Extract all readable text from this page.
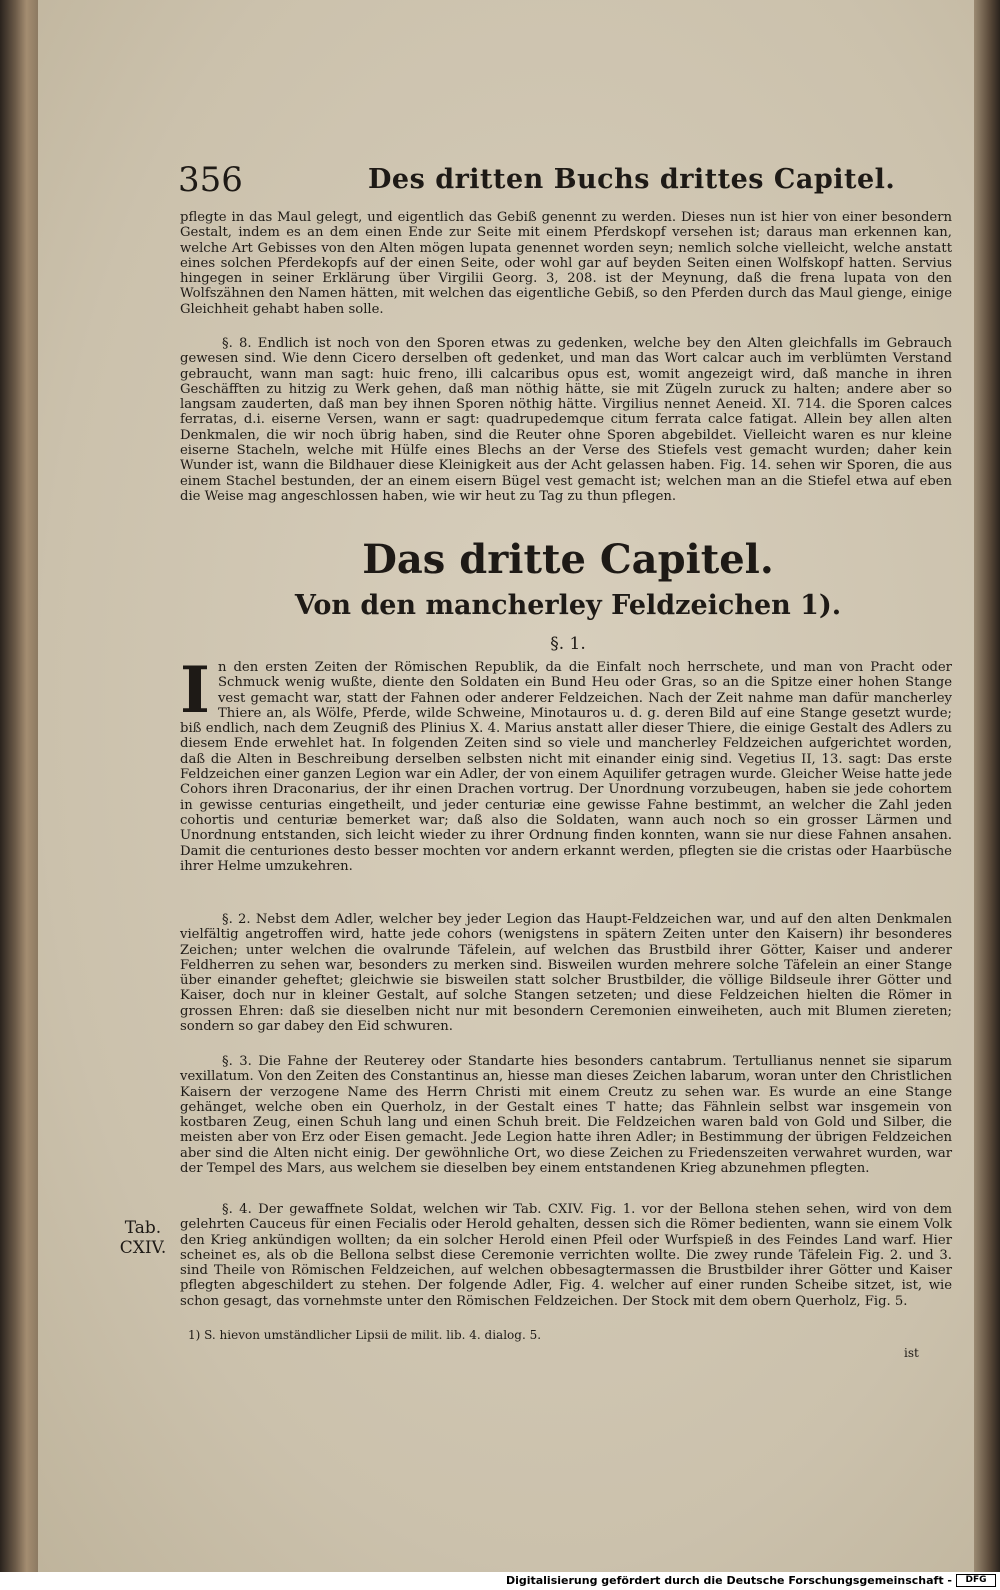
356	Des dritten Buchs drittes Capitel.
pflegte in das Maul gelegt, und eigentlich das Gebiß genennt zu werden. Dieses nun ist hier von einer besondern Gestalt, indem es an dem einen Ende zur Seite mit einem Pferdskopf versehen ist; daraus man erkennen kan, welche Art Gebisses von den Alten mögen lupata genennet worden seyn; nemlich solche vielleicht, welche anstatt eines solchen Pferdekopfs auf der einen Seite, oder wohl gar auf beyden Seiten einen Wolfskopf hatten. Servius hingegen in seiner Erklärung über Virgilii Georg. 3, 208. ist der Meynung, daß die frena lupata von den Wolfszähnen den Namen hätten, mit welchen das eigentliche Gebiß, so den Pferden durch das Maul gienge, einige Gleichheit gehabt haben solle.
§. 8. Endlich ist noch von den Sporen etwas zu gedenken, welche bey den Alten gleichfalls im Gebrauch gewesen sind. Wie denn Cicero derselben oft gedenket, und man das Wort calcar auch im verblümten Verstand gebraucht, wann man sagt: huic freno, illi calcaribus opus est, womit angezeigt wird, daß manche in ihren Geschäfften zu hitzig zu Werk gehen, daß man nöthig hätte, sie mit Zügeln zuruck zu halten; andere aber so langsam zauderten, daß man bey ihnen Sporen nöthig hätte. Virgilius nennet Aeneid. XI. 714. die Sporen calces ferratas, d.i. eiserne Versen, wann er sagt: quadrupedemque citum ferrata calce fatigat. Allein bey allen alten Denkmalen, die wir noch übrig haben, sind die Reuter ohne Sporen abgebildet. Vielleicht waren es nur kleine eiserne Stacheln, welche mit Hülfe eines Blechs an der Verse des Stiefels vest gemacht wurden; daher kein Wunder ist, wann die Bildhauer diese Kleinigkeit aus der Acht gelassen haben. Fig. 14. sehen wir Sporen, die aus einem Stachel bestunden, der an einem eisern Bügel vest gemacht ist; welchen man an die Stiefel etwa auf eben die Weise mag angeschlossen haben, wie wir heut zu Tag zu thun pflegen.
Das dritte Capitel.
Von den mancherley Feldzeichen 1).
§. 1.
I n den ersten Zeiten der Römischen Republik, da die Einfalt noch herrschete, und man von Pracht oder Schmuck wenig wußte, diente den Soldaten ein Bund Heu oder Gras, so an die Spitze einer hohen Stange vest gemacht war, statt der Fahnen oder anderer Feldzeichen. Nach der Zeit nahme man dafür mancherley Thiere an, als Wölfe, Pferde, wilde Schweine, Minotauros u. d. g. deren Bild auf eine Stange gesetzt wurde; biß endlich, nach dem Zeugniß des Plinius X. 4. Marius anstatt aller dieser Thiere, die einige Gestalt des Adlers zu diesem Ende erwehlet hat. In folgenden Zeiten sind so viele und mancherley Feldzeichen aufgerichtet worden, daß die Alten in Beschreibung derselben selbsten nicht mit einander einig sind. Vegetius II, 13. sagt: Das erste Feldzeichen einer ganzen Legion war ein Adler, der von einem Aquilifer getragen wurde. Gleicher Weise hatte jede Cohors ihren Draconarius, der ihr einen Drachen vortrug. Der Unordnung vorzubeugen, haben sie jede cohortem in gewisse centurias eingetheilt, und jeder centuriæ eine gewisse Fahne bestimmt, an welcher die Zahl jeden cohortis und centuriæ bemerket war; daß also die Soldaten, wann auch noch so ein grosser Lärmen und Unordnung entstanden, sich leicht wieder zu ihrer Ordnung finden konnten, wann sie nur diese Fahnen ansahen. Damit die centuriones desto besser mochten vor andern erkannt werden, pflegten sie die cristas oder Haarbüsche ihrer Helme umzukehren.
§. 2. Nebst dem Adler, welcher bey jeder Legion das Haupt-Feldzeichen war, und auf den alten Denkmalen vielfältig angetroffen wird, hatte jede cohors (wenigstens in spätern Zeiten unter den Kaisern) ihr besonderes Zeichen; unter welchen die ovalrunde Täfelein, auf welchen das Brustbild ihrer Götter, Kaiser und anderer Feldherren zu sehen war, besonders zu merken sind. Bisweilen wurden mehrere solche Täfelein an einer Stange über einander geheftet; gleichwie sie bisweilen statt solcher Brustbilder, die völlige Bildseule ihrer Götter und Kaiser, doch nur in kleiner Gestalt, auf solche Stangen setzeten; und diese Feldzeichen hielten die Römer in grossen Ehren: daß sie dieselben nicht nur mit besondern Ceremonien einweiheten, auch mit Blumen ziereten; sondern so gar dabey den Eid schwuren.
§. 3. Die Fahne der Reuterey oder Standarte hies besonders cantabrum. Tertullianus nennet sie siparum vexillatum. Von den Zeiten des Constantinus an, hiesse man dieses Zeichen labarum, woran unter den Christlichen Kaisern der verzogene Name des Herrn Christi mit einem Creutz zu sehen war. Es wurde an eine Stange gehänget, welche oben ein Querholz, in der Gestalt eines T hatte; das Fähnlein selbst war insgemein von kostbaren Zeug, einen Schuh lang und einen Schuh breit. Die Feldzeichen waren bald von Gold und Silber, die meisten aber von Erz oder Eisen gemacht. Jede Legion hatte ihren Adler; in Bestimmung der übrigen Feldzeichen aber sind die Alten nicht einig. Der gewöhnliche Ort, wo diese Zeichen zu Friedenszeiten verwahret wurden, war der Tempel des Mars, aus welchem sie dieselben bey einem entstandenen Krieg abzunehmen pflegten.
§. 4. Der gewaffnete Soldat, welchen wir Tab. CXIV. Fig. 1. vor der Bellona stehen sehen, wird von dem gelehrten Cauceus für einen Fecialis oder Herold gehalten, dessen sich die Römer bedienten, wann sie einem Volk den Krieg ankündigen wollten; da ein solcher Herold einen Pfeil oder Wurfspieß in des Feindes Land warf. Hier scheinet es, als ob die Bellona selbst diese Ceremonie verrichten wollte. Die zwey runde Täfelein Fig. 2. und 3. sind Theile von Römischen Feldzeichen, auf welchen obbesagtermassen die Brustbilder ihrer Götter und Kaiser pflegten abgeschildert zu stehen. Der folgende Adler, Fig. 4. welcher auf einer runden Scheibe sitzet, ist, wie schon gesagt, das vornehmste unter den Römischen Feldzeichen. Der Stock mit dem obern Querholz, Fig. 5.
Tab.
CXIV.
1) S. hievon umständlicher Lipsii de milit. lib. 4. dialog. 5.
ist
Digitalisierung gefördert durch die Deutsche Forschungsgemeinschaft -	DFG
